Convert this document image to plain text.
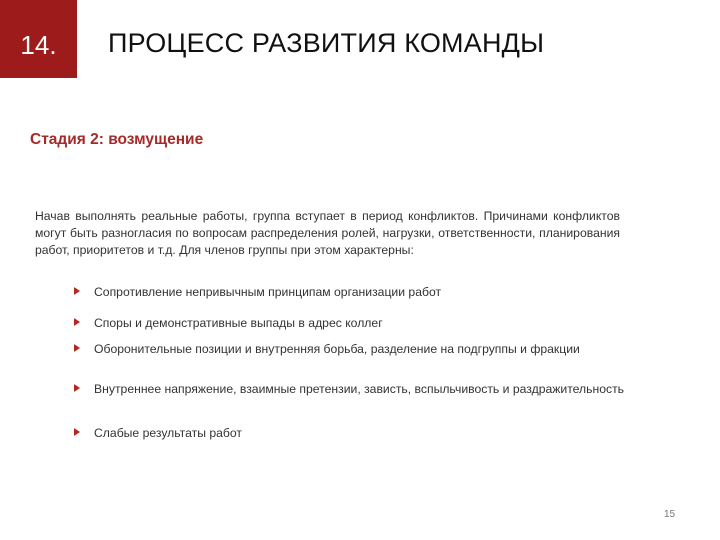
14. ПРОЦЕСС РАЗВИТИЯ КОМАНДЫ
Стадия 2: возмущение
Начав выполнять реальные работы, группа вступает в период конфликтов. Причинами конфликтов могут быть разногласия по вопросам распределения ролей, нагрузки, ответственности, планирования работ, приоритетов и т.д. Для членов группы при этом характерны:
Сопротивление непривычным принципам организации работ
Споры и демонстративные выпады в адрес коллег
Оборонительные позиции и внутренняя борьба, разделение на подгруппы и фракции
Внутреннее напряжение, взаимные претензии, зависть, вспыльчивость и раздражительность
Слабые результаты работ
15
